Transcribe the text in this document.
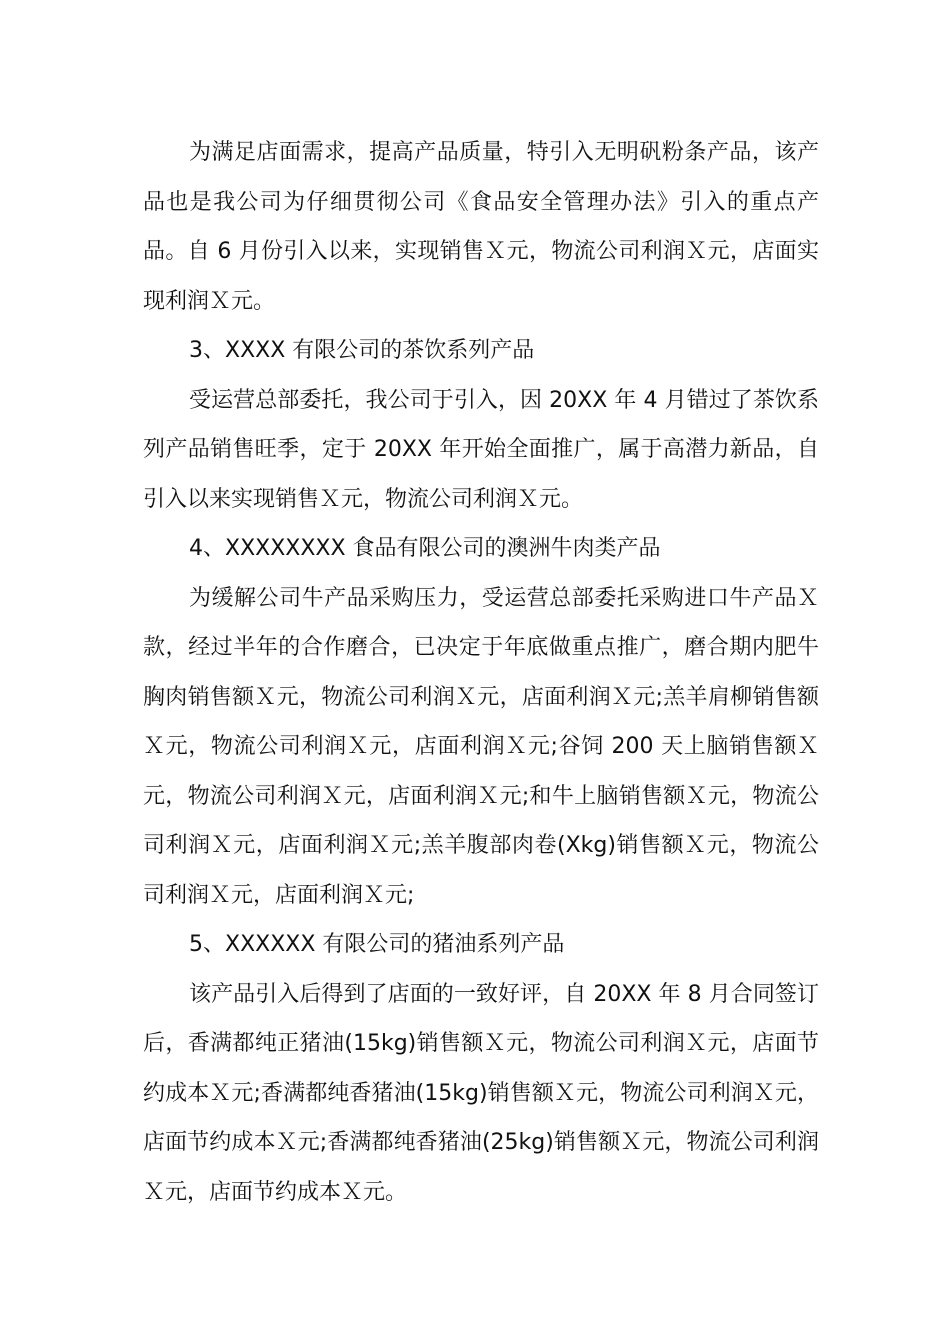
为满足店面需求，提高产品质量，特引入无明矾粉条产品，该产品也是我公司为仔细贯彻公司《食品安全管理办法》引入的重点产品。自 6 月份引入以来，实现销售Ｘ元，物流公司利润Ｘ元，店面实现利润Ｘ元。

3、XXXX 有限公司的茶饮系列产品

受运营总部委托，我公司于引入，因 20XX 年 4 月错过了茶饮系列产品销售旺季，定于 20XX 年开始全面推广，属于高潜力新品，自引入以来实现销售Ｘ元，物流公司利润Ｘ元。

4、XXXXXXXX 食品有限公司的澳洲牛肉类产品

为缓解公司牛产品采购压力，受运营总部委托采购进口牛产品Ｘ款，经过半年的合作磨合，已决定于年底做重点推广，磨合期内肥牛胸肉销售额Ｘ元，物流公司利润Ｘ元，店面利润Ｘ元;羔羊肩柳销售额Ｘ元，物流公司利润Ｘ元，店面利润Ｘ元;谷饲 200 天上脑销售额Ｘ元，物流公司利润Ｘ元，店面利润Ｘ元;和牛上脑销售额Ｘ元，物流公司利润Ｘ元，店面利润Ｘ元;羔羊腹部肉卷(Xkg)销售额Ｘ元，物流公司利润Ｘ元，店面利润Ｘ元;

5、XXXXXX 有限公司的猪油系列产品

该产品引入后得到了店面的一致好评，自 20XX 年 8 月合同签订后，香满都纯正猪油(15kg)销售额Ｘ元，物流公司利润Ｘ元，店面节约成本Ｘ元;香满都纯香猪油(15kg)销售额Ｘ元，物流公司利润Ｘ元，店面节约成本Ｘ元;香满都纯香猪油(25kg)销售额Ｘ元，物流公司利润Ｘ元，店面节约成本Ｘ元。
